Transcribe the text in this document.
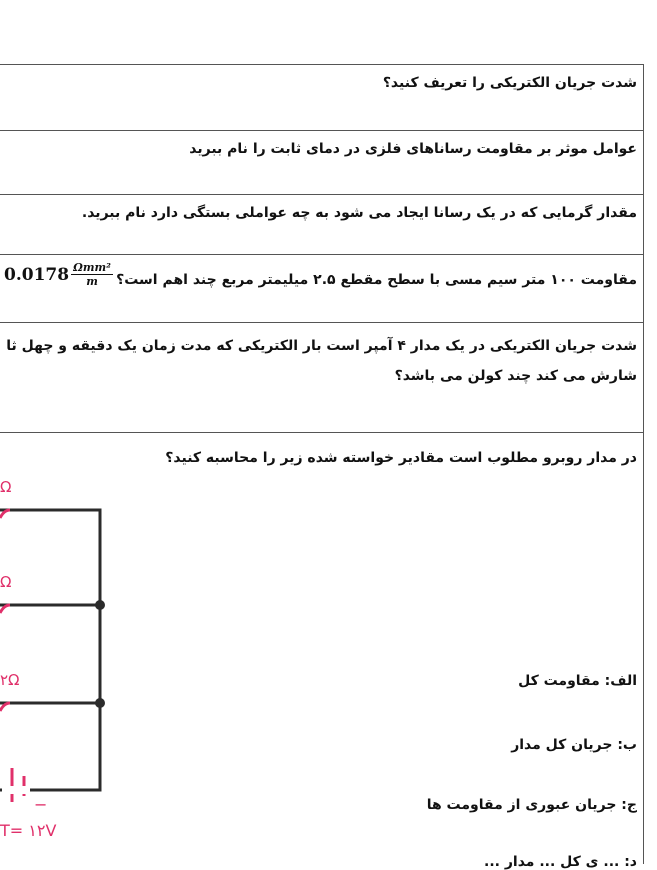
شدت جریان الکتریکی را تعریف کنید؟
عوامل موثر بر مقاومت رساناهای فلزی در دمای ثابت را نام ببرید
مقدار گرمایی که در یک رسانا ایجاد می شود به چه عواملی بستگی دارد نام ببرید.
مقاومت ۱۰۰ متر سیم مسی با سطح مقطع ۲.۵ میلیمتر مربع چند اهم است؟
$0.0178 \frac{\text{Ωmm²}}{m}$
شدت جریان الکتریکی در یک مدار ۴ آمپر است بار الکتریکی که مدت زمان یک دقیقه و چهل ثا
شارش می کند چند کولن می باشد؟
در مدار روبرو مطلوب است مقادیر خواسته شده زیر را محاسبه کنید؟
الف: مقاومت کل
ب: جریان کل مدار
ج: جریان عبوری از مقاومت ها
د: ... ی کل ... مدار ...
Ω
Ω
۲Ω
−
T= ۱۲V
